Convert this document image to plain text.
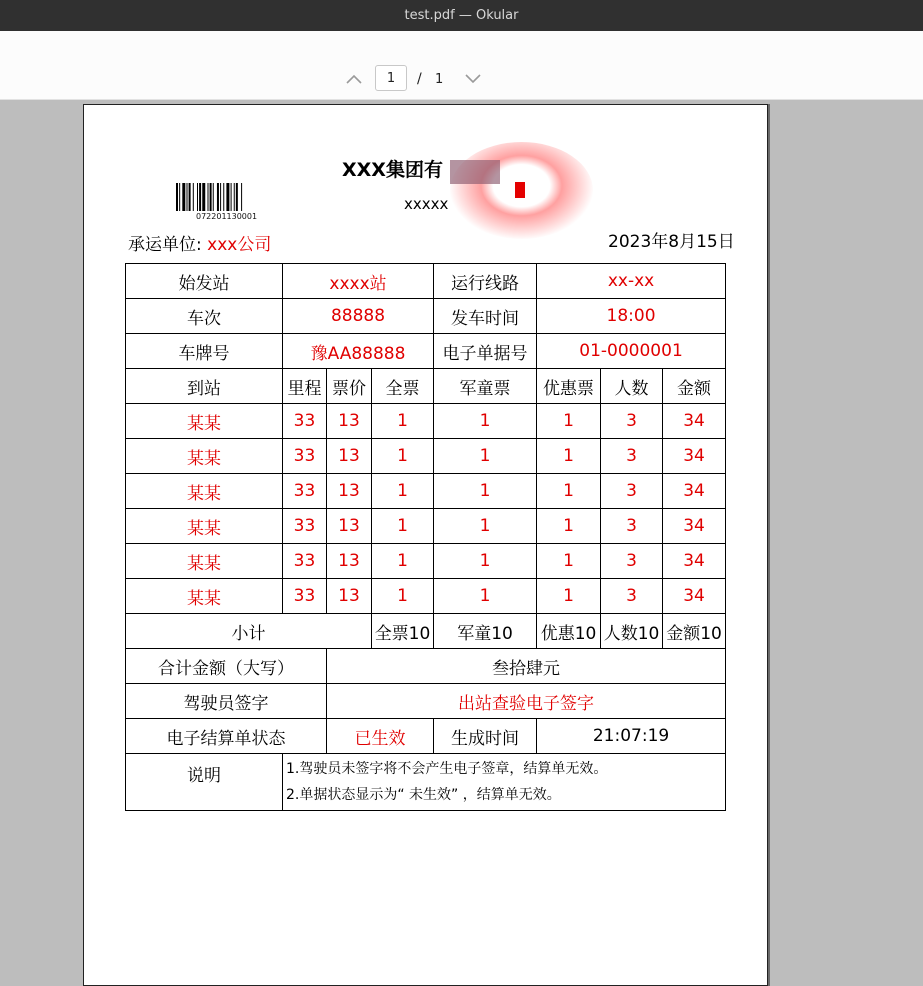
test.pdf — Okular
1
/ 1
XXX集团有
xxxxx
072201130001
承运单位: xxx公司	2023年8月15日
始发站	xxxx站			运行线路	xx-xx		
车次	88888			发车时间	18:00		
车牌号	豫AA88888			电子单据号	01-0000001		
到站	里程	票价	全票	军童票	优惠票	人数	金额
某某	33	13	1	1	1	3	34
某某	33	13	1	1	1	3	34
某某	33	13	1	1	1	3	34
某某	33	13	1	1	1	3	34
某某	33	13	1	1	1	3	34
某某	33	13	1	1	1	3	34
小计			全票10	军童10	优惠10	人数10	金额10
合计金额（大写）		叁拾肆元					
驾驶员签字		出站查验电子签字					
电子结算单状态		已生效		生成时间	21:07:19		
说明	1.驾驶员未签字将不会产生电子签章，结算单无效。
2.单据状态显示为“ 未生效” ，结算单无效。						
